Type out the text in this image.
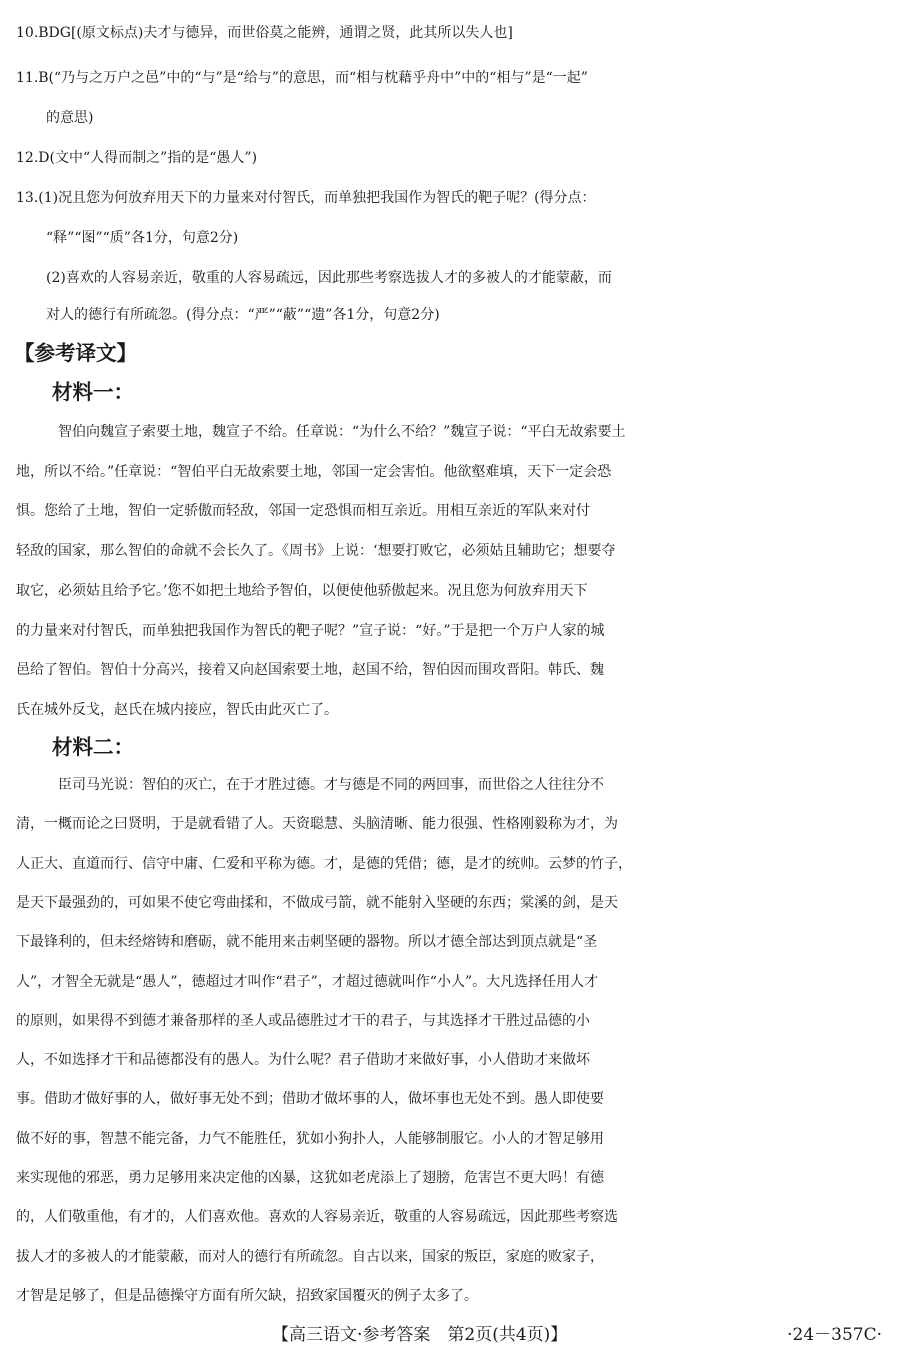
10.BDG[(原文标点)夫才与德异，而世俗莫之能辨，通谓之贤，此其所以失人也]
11.B(“乃与之万户之邑”中的“与”是“给与”的意思，而“相与枕藉乎舟中”中的“相与”是“一起”
的意思)
12.D(文中“人得而制之”指的是“愚人”)
13.(1)况且您为何放弃用天下的力量来对付智氏，而单独把我国作为智氏的靶子呢？(得分点：
“释”“图”“质”各1分，句意2分)
(2)喜欢的人容易亲近，敬重的人容易疏远，因此那些考察选拔人才的多被人的才能蒙蔽，而
对人的德行有所疏忽。(得分点：“严”“蔽”“遗”各1分，句意2分)
【参考译文】
材料一：
智伯向魏宣子索要土地，魏宣子不给。任章说：“为什么不给？”魏宣子说：“平白无故索要土
地，所以不给。”任章说：“智伯平白无故索要土地，邻国一定会害怕。他欲壑难填，天下一定会恐
惧。您给了土地，智伯一定骄傲而轻敌，邻国一定恐惧而相互亲近。用相互亲近的军队来对付
轻敌的国家，那么智伯的命就不会长久了。《周书》上说：‘想要打败它，必须姑且辅助它；想要夺
取它，必须姑且给予它。’您不如把土地给予智伯，以便使他骄傲起来。况且您为何放弃用天下
的力量来对付智氏，而单独把我国作为智氏的靶子呢？”宣子说：“好。”于是把一个万户人家的城
邑给了智伯。智伯十分高兴，接着又向赵国索要土地，赵国不给，智伯因而围攻晋阳。韩氏、魏
氏在城外反戈，赵氏在城内接应，智氏由此灭亡了。
材料二：
臣司马光说：智伯的灭亡，在于才胜过德。才与德是不同的两回事，而世俗之人往往分不
清，一概而论之曰贤明，于是就看错了人。天资聪慧、头脑清晰、能力很强、性格刚毅称为才，为
人正大、直道而行、信守中庸、仁爱和平称为德。才，是德的凭借；德，是才的统帅。云梦的竹子，
是天下最强劲的，可如果不使它弯曲揉和，不做成弓箭，就不能射入坚硬的东西；棠溪的剑，是天
下最锋利的，但未经熔铸和磨砺，就不能用来击刺坚硬的器物。所以才德全部达到顶点就是“圣
人”，才智全无就是“愚人”，德超过才叫作“君子”，才超过德就叫作“小人”。大凡选择任用人才
的原则，如果得不到德才兼备那样的圣人或品德胜过才干的君子，与其选择才干胜过品德的小
人，不如选择才干和品德都没有的愚人。为什么呢？君子借助才来做好事，小人借助才来做坏
事。借助才做好事的人，做好事无处不到；借助才做坏事的人，做坏事也无处不到。愚人即使要
做不好的事，智慧不能完备，力气不能胜任，犹如小狗扑人，人能够制服它。小人的才智足够用
来实现他的邪恶，勇力足够用来决定他的凶暴，这犹如老虎添上了翅膀，危害岂不更大吗！有德
的，人们敬重他，有才的，人们喜欢他。喜欢的人容易亲近，敬重的人容易疏远，因此那些考察选
拔人才的多被人的才能蒙蔽，而对人的德行有所疏忽。自古以来，国家的叛臣，家庭的败家子，
才智是足够了，但是品德操守方面有所欠缺，招致家国覆灭的例子太多了。
【高三语文·参考答案　第2页(共4页)】	·24－357C·
